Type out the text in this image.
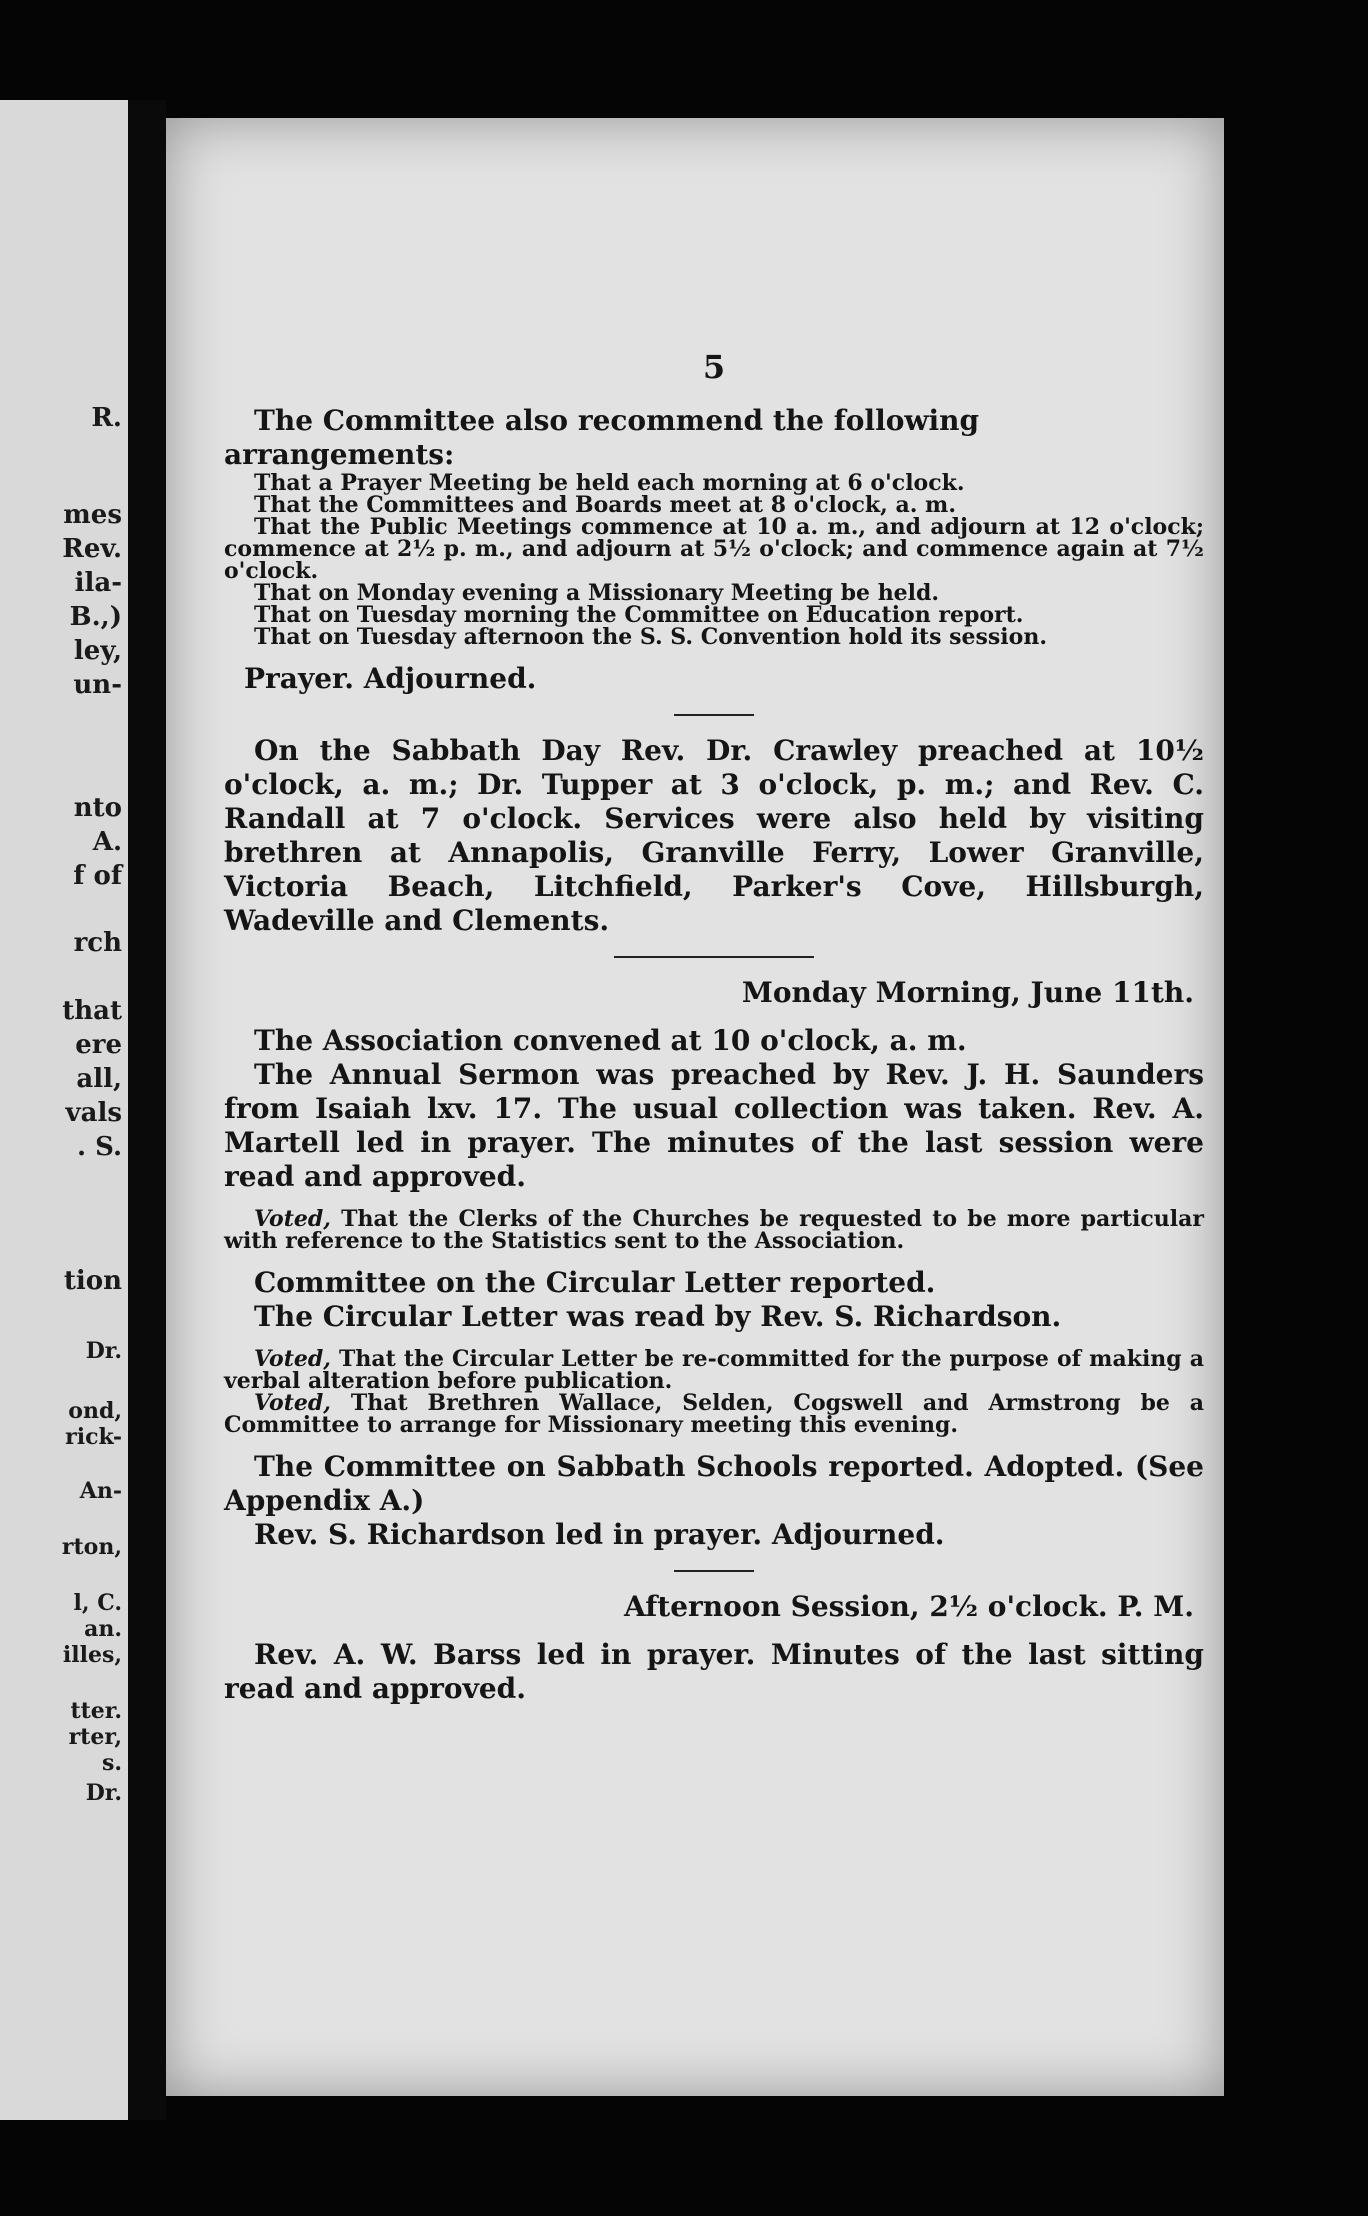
R.
mes
Rev.
ila-
B.,)
ley,
un-
nto
A.
f of
rch
that
ere
all,
vals
. S.
tion
Dr.
ond,
rick-
An-
rton,
l, C.
an.
illes,
tter.
rter,
s.
Dr.
5

The Committee also recommend the following arrangements:

That a Prayer Meeting be held each morning at 6 o'clock.

That the Committees and Boards meet at 8 o'clock, a. m.

That the Public Meetings commence at 10 a. m., and adjourn at 12 o'clock; commence at 2½ p. m., and adjourn at 5½ o'clock; and commence again at 7½ o'clock.

That on Monday evening a Missionary Meeting be held.

That on Tuesday morning the Committee on Education report.

That on Tuesday afternoon the S. S. Convention hold its session.

Prayer. Adjourned.

On the Sabbath Day Rev. Dr. Crawley preached at 10½ o'clock, a. m.; Dr. Tupper at 3 o'clock, p. m.; and Rev. C. Randall at 7 o'clock. Services were also held by visiting brethren at Annapolis, Granville Ferry, Lower Granville, Victoria Beach, Litchfield, Parker's Cove, Hillsburgh, Wadeville and Clements.

Monday Morning, June 11th.

The Association convened at 10 o'clock, a. m.

The Annual Sermon was preached by Rev. J. H. Saunders from Isaiah lxv. 17. The usual collection was taken. Rev. A. Martell led in prayer. The minutes of the last session were read and approved.

Voted, That the Clerks of the Churches be requested to be more particular with reference to the Statistics sent to the Association.

Committee on the Circular Letter reported.

The Circular Letter was read by Rev. S. Richardson.

Voted, That the Circular Letter be re-committed for the purpose of making a verbal alteration before publication.

Voted, That Brethren Wallace, Selden, Cogswell and Armstrong be a Committee to arrange for Missionary meeting this evening.

The Committee on Sabbath Schools reported. Adopted. (See Appendix A.)

Rev. S. Richardson led in prayer. Adjourned.

Afternoon Session, 2½ o'clock. P. M.

Rev. A. W. Barss led in prayer. Minutes of the last sitting read and approved.
